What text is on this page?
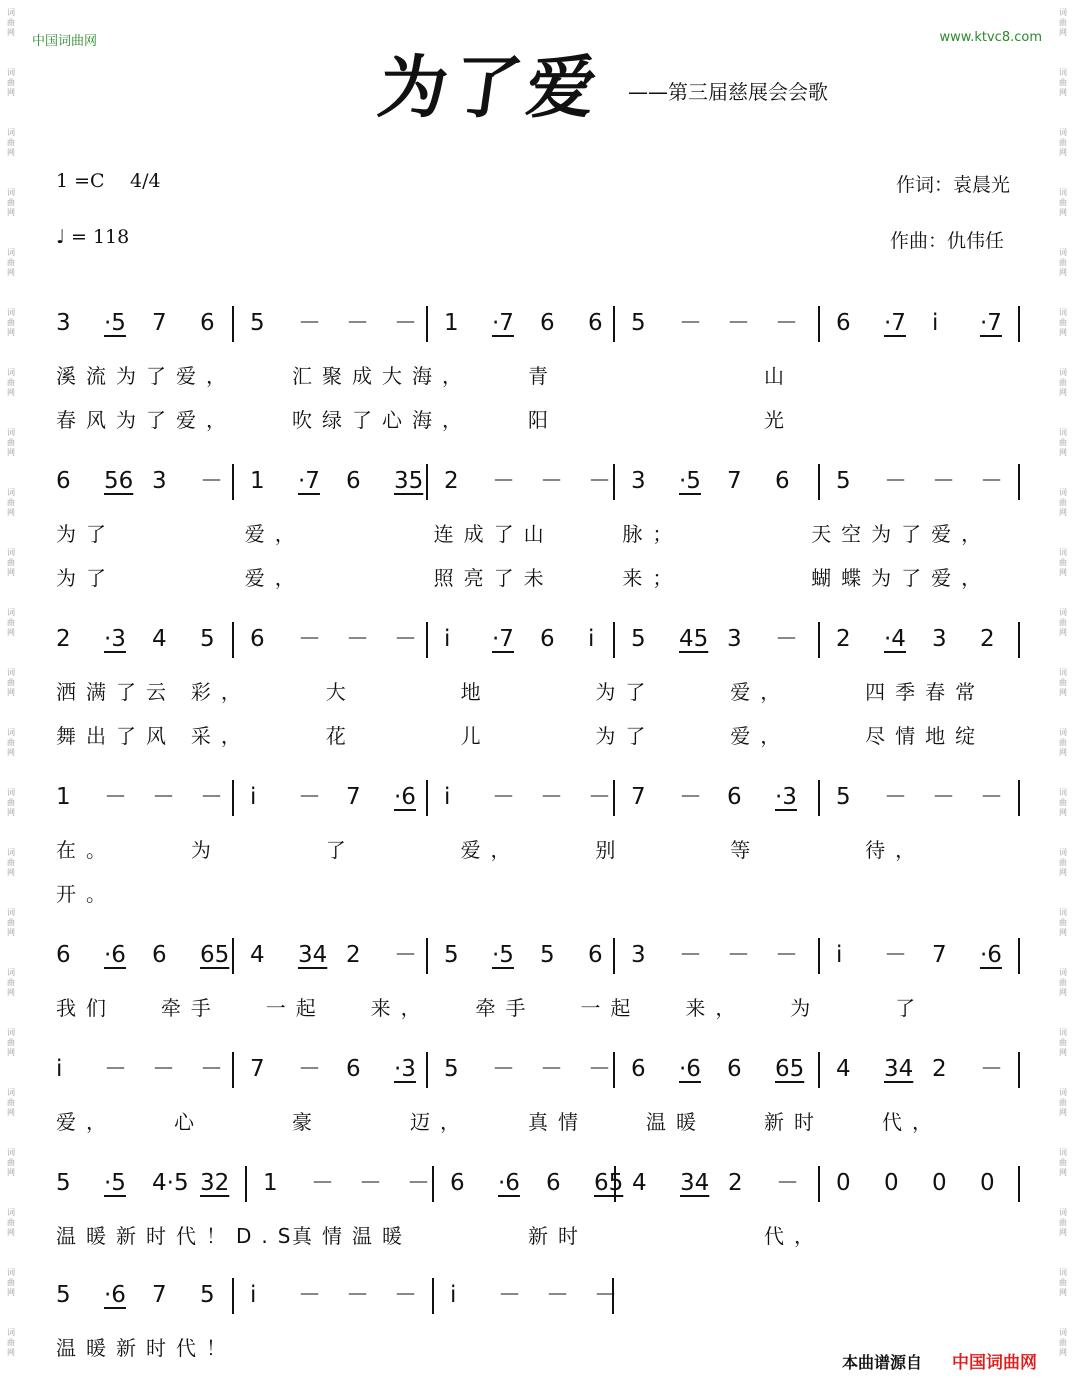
词
曲
网
词
曲
网
词
曲
网
词
曲
网
词
曲
网
词
曲
网
词
曲
网
词
曲
网
词
曲
网
词
曲
网
词
曲
网
词
曲
网
词
曲
网
词
曲
网
词
曲
网
词
曲
网
词
曲
网
词
曲
网
词
曲
网
词
曲
网
词
曲
网
词
曲
网
词
曲
网
词
曲
网
词
曲
网
词
曲
网
词
曲
网
词
曲
网
词
曲
网
词
曲
网
词
曲
网
词
曲
网
词
曲
网
词
曲
网
词
曲
网
词
曲
网
词
曲
网
词
曲
网
词
曲
网
词
曲
网
词
曲
网
词
曲
网
词
曲
网
词
曲
网
词
曲
网
词
曲
网
中国词曲网	www.ktvc8.com
为了爱 ——第三届慈展会会歌
1 =C 4/4
♩ = 118
作词：袁晨光
作曲：仇伟任
3 ·5 7 6 5 － － － 1 ·7 6 6 5 － － － 6 ·7 i ·7
溪流为了爱，	汇聚成大海，	青	山
春风为了爱，	吹绿了心海，	阳	光
6 56 3 － 1 ·7 6 35 2 － － － 3 ·5 7 6 5 － － －
为了	爱，	连成了山	脉；	天空为了爱，
为了	爱，	照亮了未	来；	蝴蝶为了爱，
2 ·3 4 5 6 － － － i ·7 6 i 5 45 3 － 2 ·4 3 2
洒满了云 彩，	大	地	为了	爱，	四季春常
舞出了风 采，	花	儿	为了	爱，	尽情地绽
1 － － － i － 7 ·6 i － － － 7 － 6 ·3 5 － － －
在。	为	了	爱，	别	等	待，
开。
6 ·6 6 65 4 34 2 － 5 ·5 5 6 3 － － － i － 7 ·6
我们 牵手 一起 来， 牵手 一起 来， 为	了
i － － － 7 － 6 ·3 5 － － － 6 ·6 6 65 4 34 2 －
爱，	心	豪	迈，	真情	温暖	新时	代，
5 ·5 4·5 32 1 － － － 6 ·6 6 65 4 34 2 － 0 0 0 0
温暖新时代！D.S
真情温暖	新时	代，
5 ·6 7 5 i － － － i － － －
温暖新时代！
本曲谱源自 中国词曲网
